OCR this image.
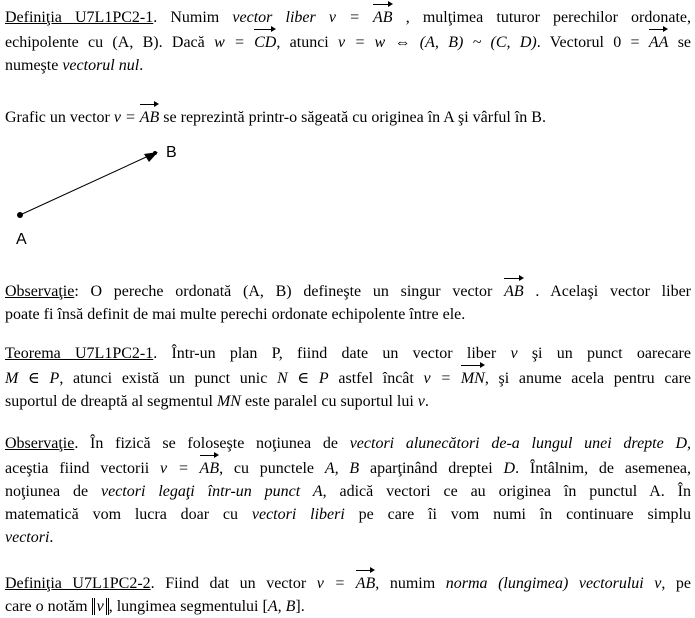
Definiţia U7L1PC2-1. Numim vector liber v = AB , mulţimea tuturor perechilor ordonate,
echipolente cu (A, B). Dacă w = CD, atunci v = w ⇔ (A, B) ~ (C, D). Vectorul 0 = AA se
numeşte vectorul nul.
Grafic un vector v = AB se reprezintă printr-o săgeată cu originea în A şi vârful în B.
B
A
Observaţie: O pereche ordonată (A, B) defineşte un singur vector AB . Acelaşi vector liber
poate fi însă definit de mai multe perechi ordonate echipolente între ele.
Teorema U7L1PC2-1. Într-un plan P, fiind date un vector liber v şi un punct oarecare
M ∈ P, atunci există un punct unic N ∈ P astfel încât v = MN, şi anume acela pentru care
suportul de dreaptă al segmentul MN este paralel cu suportul lui v.
Observaţie. În fizică se foloseşte noţiunea de vectori alunecători de-a lungul unei drepte D,
aceştia fiind vectorii v = AB, cu punctele A, B aparţinând dreptei D. Întâlnim, de asemenea,
noţiunea de vectori legaţi într-un punct A, adică vectori ce au originea în punctul A. În
matematică vom lucra doar cu vectori liberi pe care îi vom numi în continuare simplu
vectori.
Definiţia U7L1PC2-2. Fiind dat un vector v = AB, numim norma (lungimea) vectorului v, pe
care o notăm v , lungimea segmentului [A, B].
